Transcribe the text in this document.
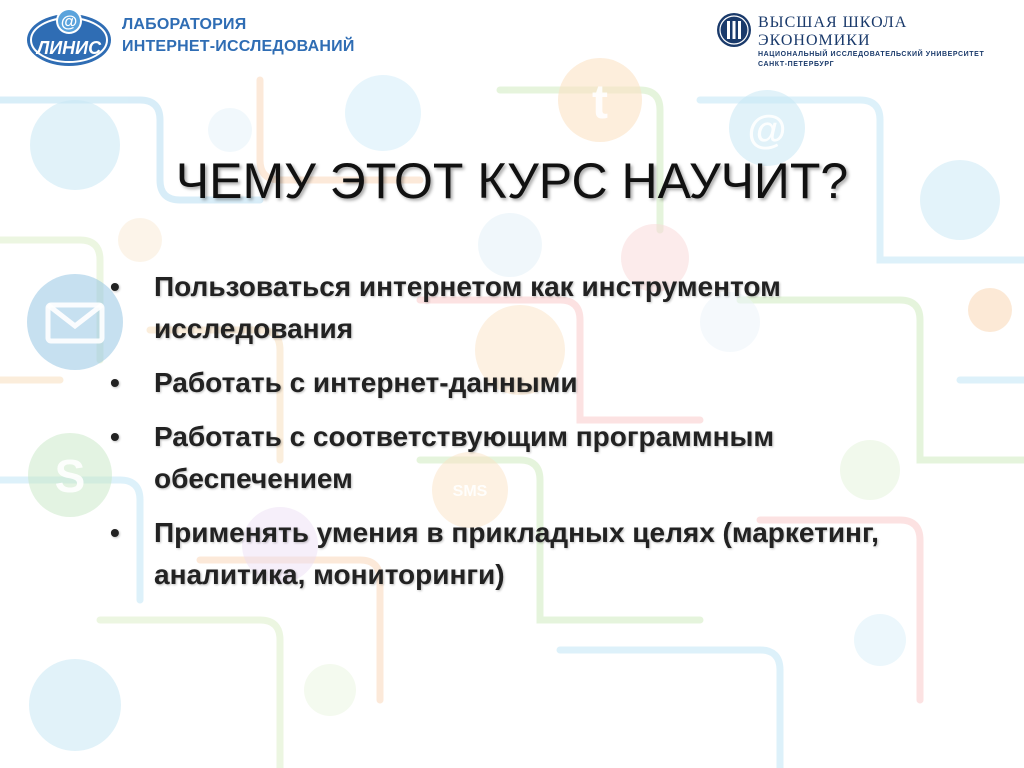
@
ЛИНИС
ЛАБОРАТОРИЯ
ИНТЕРНЕТ-ИССЛЕДОВАНИЙ
ВЫСШАЯ ШКОЛА ЭКОНОМИКИ
НАЦИОНАЛЬНЫЙ ИССЛЕДОВАТЕЛЬСКИЙ УНИВЕРСИТЕТ
САНКТ-ПЕТЕРБУРГ
ЧЕМУ ЭТОТ КУРС НАУЧИТ?
• Пользоваться интернетом как инструментом исследования
• Работать с интернет-данными
• Работать с соответствующим программным обеспечением
• Применять умения в прикладных целях (маркетинг, аналитика, мониторинги)
